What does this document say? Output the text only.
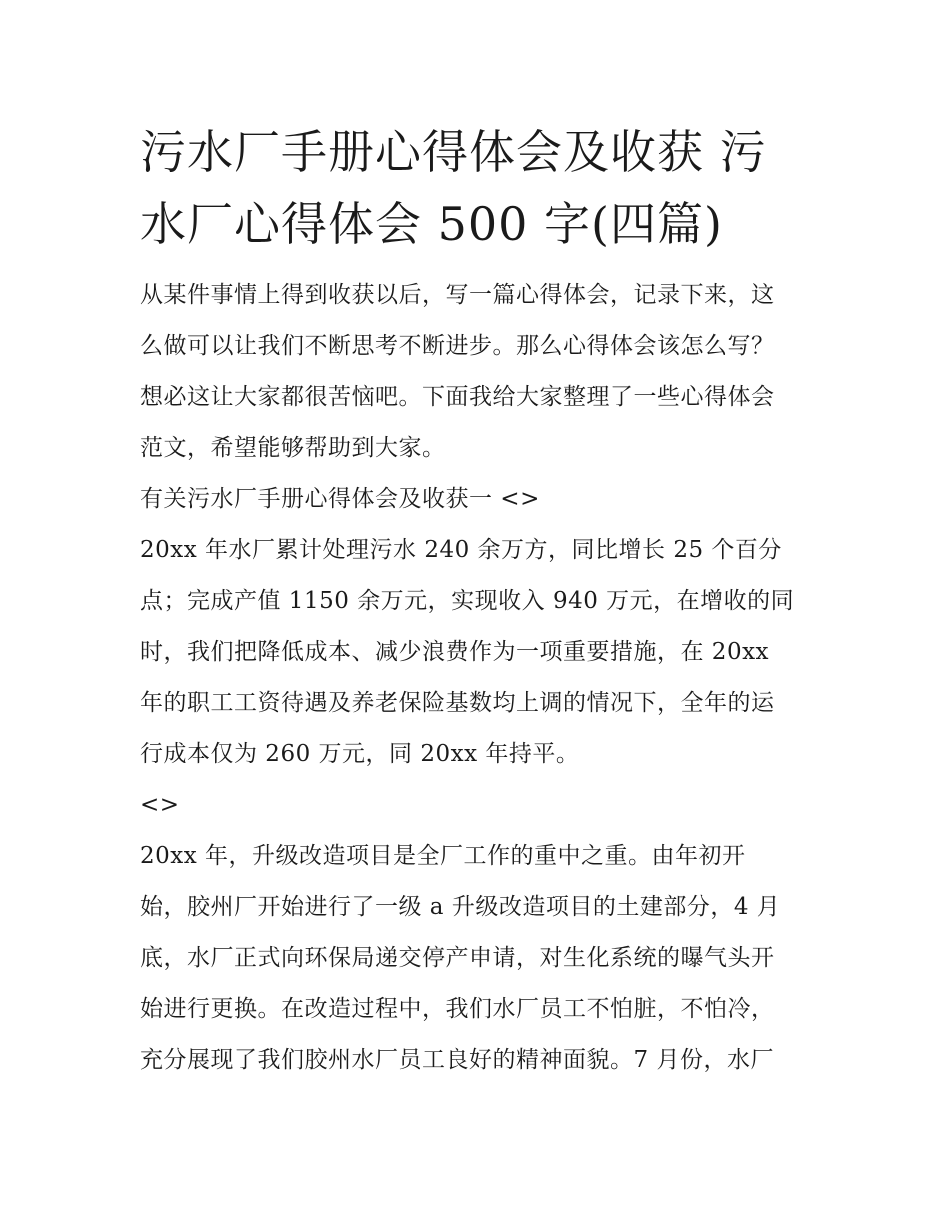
污水厂手册心得体会及收获 污
水厂心得体会 500 字(四篇)

从某件事情上得到收获以后，写一篇心得体会，记录下来，这
么做可以让我们不断思考不断进步。那么心得体会该怎么写？
想必这让大家都很苦恼吧。下面我给大家整理了一些心得体会
范文，希望能够帮助到大家。

有关污水厂手册心得体会及收获一 <>

20xx 年水厂累计处理污水 240 余万方，同比增长 25 个百分
点；完成产值 1150 余万元，实现收入 940 万元，在增收的同
时，我们把降低成本、减少浪费作为一项重要措施，在 20xx
年的职工工资待遇及养老保险基数均上调的情况下，全年的运
行成本仅为 260 万元，同 20xx 年持平。

<>

20xx 年，升级改造项目是全厂工作的重中之重。由年初开
始，胶州厂开始进行了一级 a 升级改造项目的土建部分，4 月
底，水厂正式向环保局递交停产申请，对生化系统的曝气头开
始进行更换。在改造过程中，我们水厂员工不怕脏，不怕冷，
充分展现了我们胶州水厂员工良好的精神面貌。7 月份，水厂
